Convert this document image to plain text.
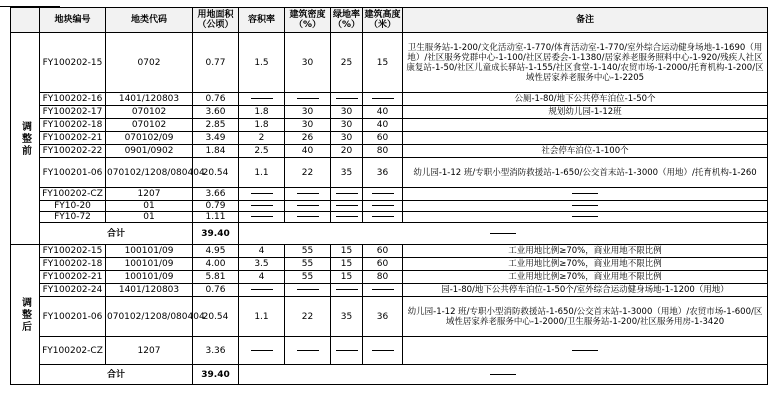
	地块编号	地类代码	用地面积（公顷）	容积率	建筑密度（%）	绿地率（%）	建筑高度（米）	备注
调整前	FY100202-15	0702	0.77	1.5	30	25	15	卫生服务站-1-200/文化活动室-1-770/体育活动室-1-770/室外综合运动健身场地-1-1690（用地）/社区服务党群中心-1-100/社区居委会-1-1380/居家养老服务照料中心-1-920/残疾人社区康复站-1-50/社区儿童成长驿站-1-155/社区食堂-1-140/农贸市场-1-2000/托育机构-1-200/区域性居家养老服务中心-1-2205
	FY100202-16	1401/120803	0.76					公厕-1-80/地下公共停车泊位-1-50个
	FY100202-17	070102	3.60	1.8	30	30	40	规划幼儿园-1-12班
	FY100202-18	070102	2.85	1.8	30	30	40	
	FY100202-21	070102/09	3.49	2	26	30	60	
	FY100202-22	0901/0902	1.84	2.5	40	20	80	社会停车泊位-1-100个
	FY100201-06	070102/1208/080404	20.54	1.1	22	35	36	幼儿园-1-12 班/专职小型消防救援站-1-650/公交首末站-1-3000（用地）/托育机构-1-260
	FY100202-CZ	1207	3.66					
	FY10-20	01	0.79					
	FY10-72	01	1.11					
	合计		39.40					
调整后	FY100202-15	100101/09	4.95	4	55	15	60	工业用地比例≥70%，商业用地不限比例
	FY100202-18	100101/09	4.00	3.5	55	15	60	工业用地比例≥70%，商业用地不限比例
	FY100202-21	100101/09	5.81	4	55	15	80	工业用地比例≥70%，商业用地不限比例
	FY100202-24	1401/120803	0.76					园-1-80/地下公共停车泊位-1-50个/室外综合运动健身场地-1-1200（用地）
	FY100201-06	070102/1208/080404	20.54	1.1	22	35	36	幼儿园-1-12 班/专职小型消防救援站-1-650/公交首末站-1-3000（用地）/农贸市场-1-600/区域性居家养老服务中心-1-2000/卫生服务站-1-200/社区服务用房-1-3420
	FY100202-CZ	1207	3.36					
	合计		39.40					
